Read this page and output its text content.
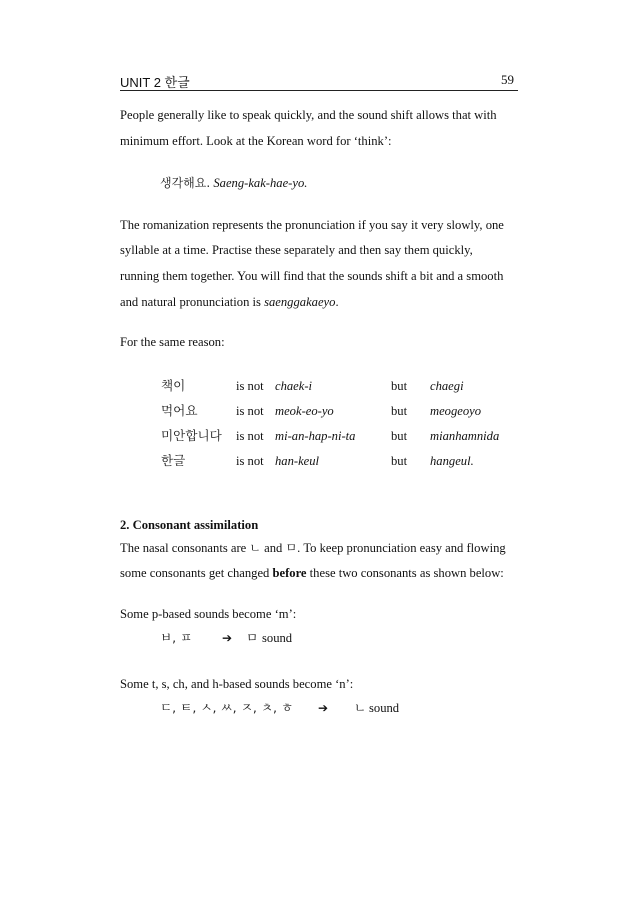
UNIT 2 한글	59
People generally like to speak quickly, and the sound shift allows that with
minimum effort. Look at the Korean word for ‘think’:
생각해요. Saeng-kak-hae-yo.
The romanization represents the pronunciation if you say it very slowly, one
syllable at a time. Practise these separately and then say them quickly,
running them together. You will find that the sounds shift a bit and a smooth
and natural pronunciation is saenggakaeyo.
For the same reason:
책이	is not chaek-i	but chaegi
먹어요	is not meok-eo-yo	but meogeoyo
미안합니다 is not mi-an-hap-ni-ta	but mianhamnida
한글	is not han-keul	but hangeul.
2. Consonant assimilation
The nasal consonants are ㄴ and ㅁ. To keep pronunciation easy and flowing
some consonants get changed before these two consonants as shown below:
Some p-based sounds become ‘m’:
ㅂ, ㅍ ➔ ㅁ sound
Some t, s, ch, and h-based sounds become ‘n’:
ㄷ, ㅌ, ㅅ, ㅆ, ㅈ, ㅊ, ㅎ ➔ ㄴ sound
